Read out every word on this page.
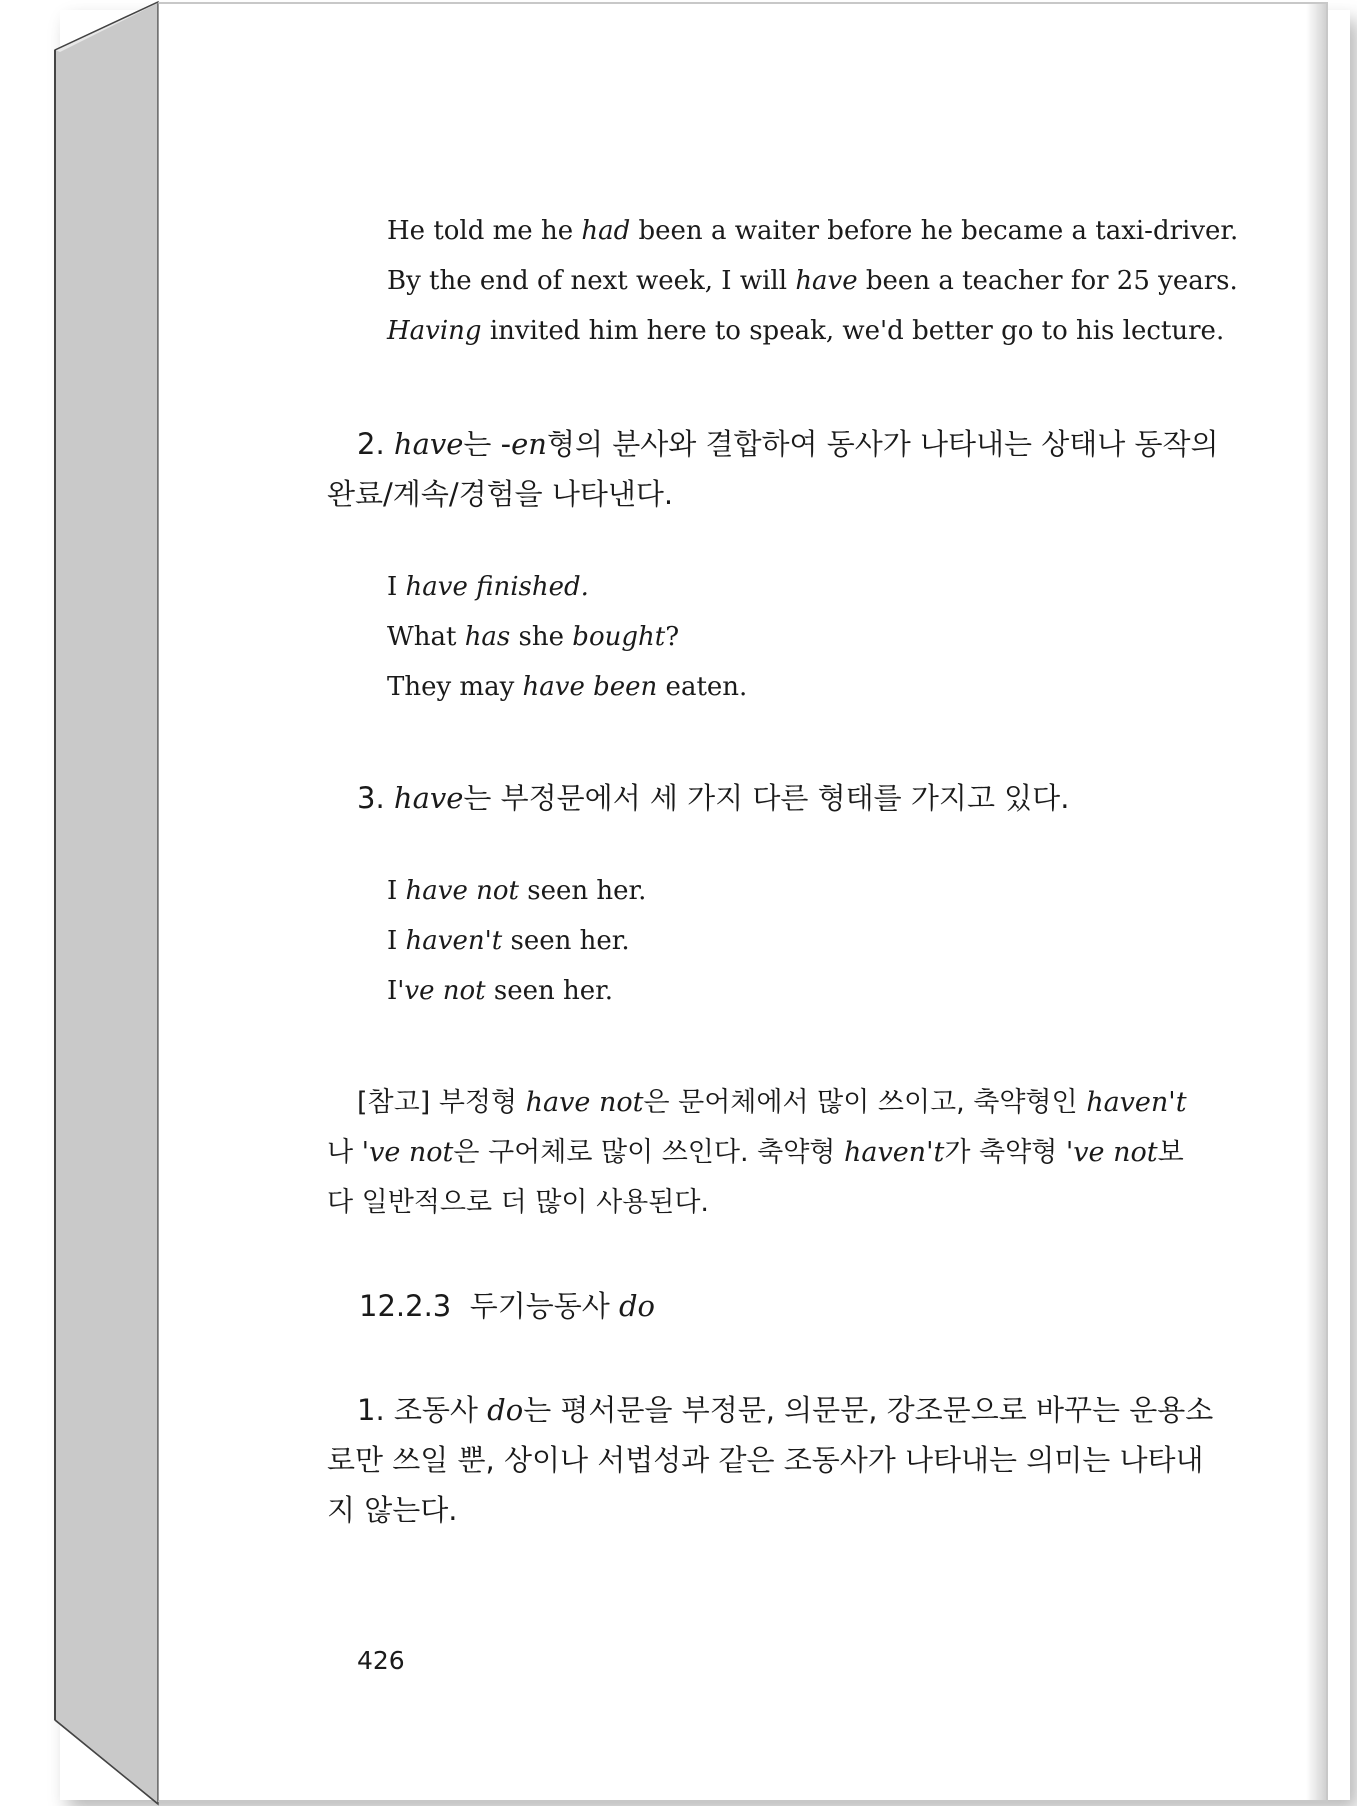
He told me he had been a waiter before he became a taxi-driver.
By the end of next week, I will have been a teacher for 25 years.
Having invited him here to speak, we'd better go to his lecture.
2. have는 -en형의 분사와 결합하여 동사가 나타내는 상태나 동작의
완료/계속/경험을 나타낸다.
I have finished.
What has she bought?
They may have been eaten.
3. have는 부정문에서 세 가지 다른 형태를 가지고 있다.
I have not seen her.
I haven't seen her.
I've not seen her.
[참고] 부정형 have not은 문어체에서 많이 쓰이고, 축약형인 haven't
나 've not은 구어체로 많이 쓰인다. 축약형 haven't가 축약형 've not보
다 일반적으로 더 많이 사용된다.
12.2.3 두기능동사 do
1. 조동사 do는 평서문을 부정문, 의문문, 강조문으로 바꾸는 운용소
로만 쓰일 뿐, 상이나 서법성과 같은 조동사가 나타내는 의미는 나타내
지 않는다.
426
